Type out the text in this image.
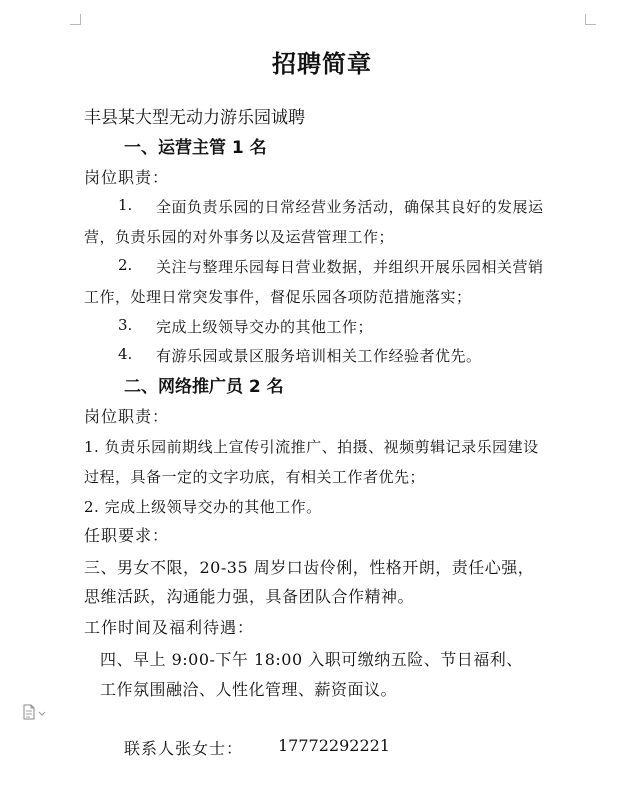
招聘简章
丰县某大型无动力游乐园诚聘
一、运营主管 1 名
岗位职责：
1. 全面负责乐园的日常经营业务活动，确保其良好的发展运
营，负责乐园的对外事务以及运营管理工作；
2. 关注与整理乐园每日营业数据，并组织开展乐园相关营销
工作，处理日常突发事件，督促乐园各项防范措施落实；
3. 完成上级领导交办的其他工作；
4. 有游乐园或景区服务培训相关工作经验者优先。
二、网络推广员 2 名
岗位职责：
1. 负责乐园前期线上宣传引流推广、拍摄、视频剪辑记录乐园建设
过程，具备一定的文字功底，有相关工作者优先；
2. 完成上级领导交办的其他工作。
任职要求：
三、男女不限，20-35 周岁口齿伶俐，性格开朗，责任心强，
思维活跃，沟通能力强，具备团队合作精神。
工作时间及福利待遇：
四、早上 9:00-下午 18:00 入职可缴纳五险、节日福利、
工作氛围融洽、人性化管理、薪资面议。
联系人张女士： 17772292221
